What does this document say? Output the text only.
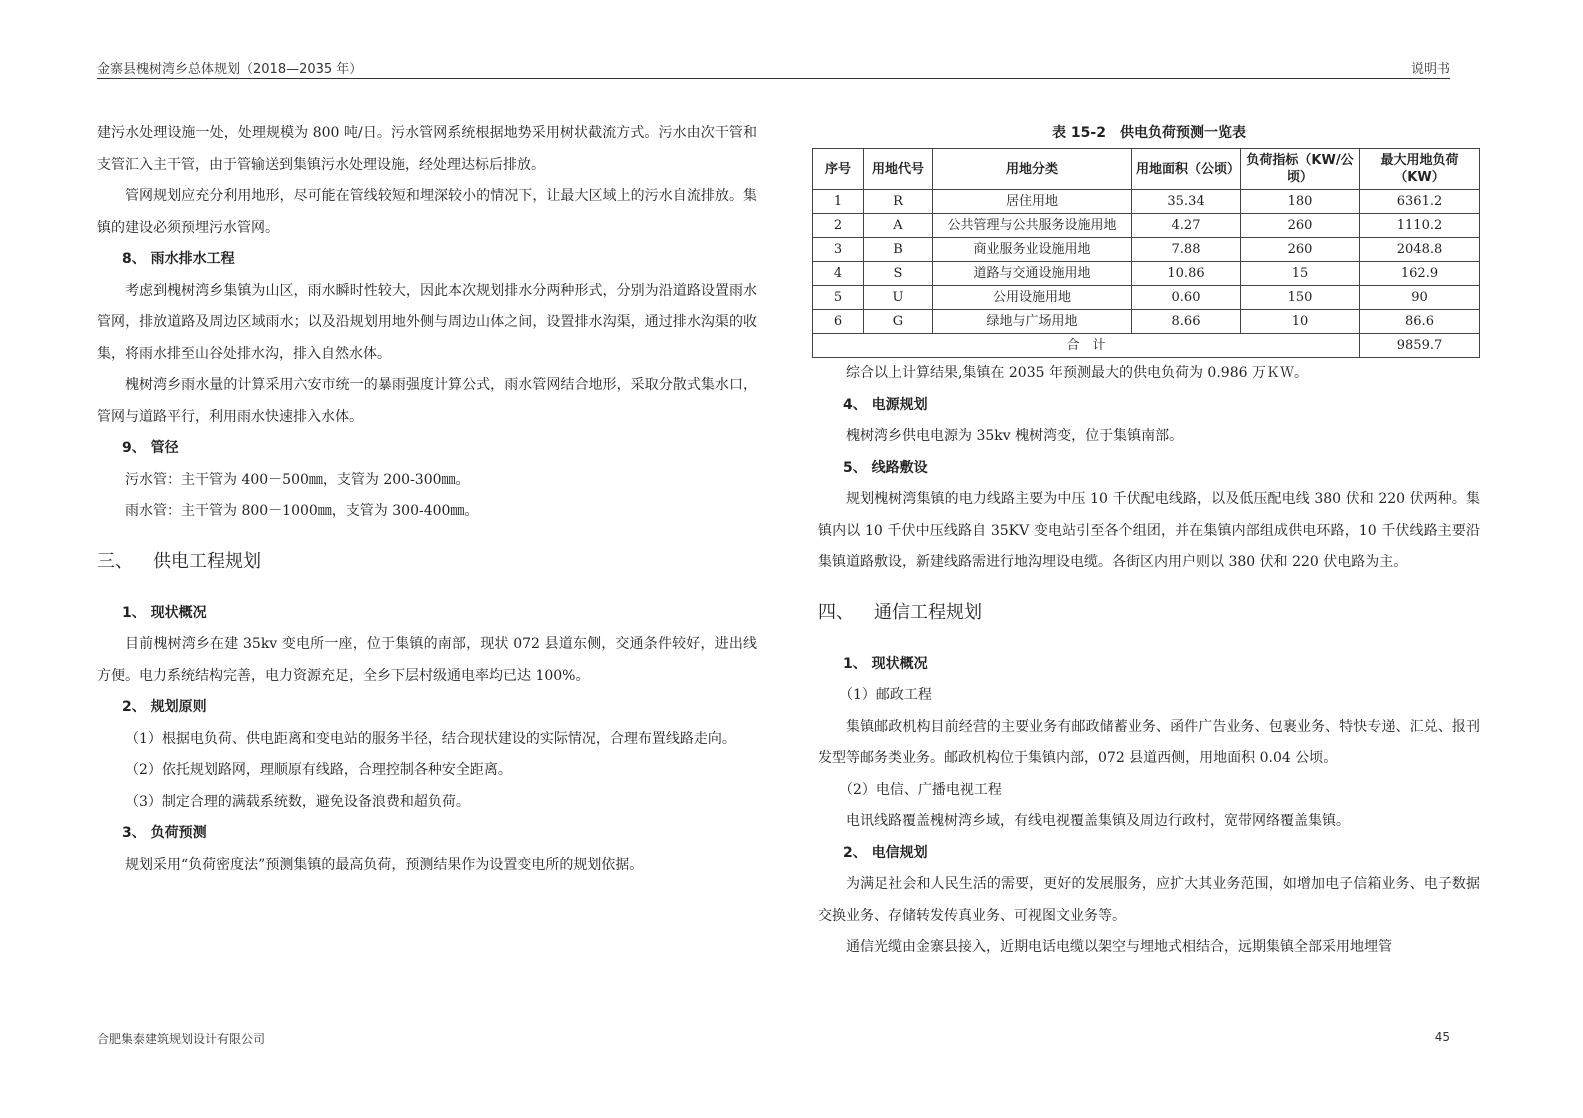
金寨县槐树湾乡总体规划（2018—2035 年）	说明书

建污水处理设施一处，处理规模为 800 吨/日。污水管网系统根据地势采用树状截流方式。污水由次干管和支管汇入主干管，由于管输送到集镇污水处理设施，经处理达标后排放。

管网规划应充分利用地形，尽可能在管线较短和埋深较小的情况下，让最大区域上的污水自流排放。集镇的建设必须预埋污水管网。

8、 雨水排水工程

考虑到槐树湾乡集镇为山区，雨水瞬时性较大，因此本次规划排水分两种形式，分别为沿道路设置雨水管网，排放道路及周边区域雨水；以及沿规划用地外侧与周边山体之间，设置排水沟渠，通过排水沟渠的收集，将雨水排至山谷处排水沟，排入自然水体。

槐树湾乡雨水量的计算采用六安市统一的暴雨强度计算公式，雨水管网结合地形，采取分散式集水口，管网与道路平行，利用雨水快速排入水体。

9、 管径

污水管：主干管为 400－500㎜，支管为 200-300㎜。

雨水管：主干管为 800－1000㎜，支管为 300-400㎜。

三、 供电工程规划

1、 现状概况

目前槐树湾乡在建 35kv 变电所一座，位于集镇的南部，现状 072 县道东侧，交通条件较好，进出线方便。电力系统结构完善，电力资源充足，全乡下层村级通电率均已达 100%。

2、 规划原则

（1）根据电负荷、供电距离和变电站的服务半径，结合现状建设的实际情况，合理布置线路走向。

（2）依托规划路网，理顺原有线路，合理控制各种安全距离。

（3）制定合理的满载系统数，避免设备浪费和超负荷。

3、 负荷预测

规划采用“负荷密度法”预测集镇的最高负荷，预测结果作为设置变电所的规划依据。

表 15-2　供电负荷预测一览表
序号	用地代号	用地分类	用地面积（公顷）	负荷指标（KW/公顷）	最大用地负荷（KW）
1	R	居住用地	35.34	180	6361.2
2	A	公共管理与公共服务设施用地	4.27	260	1110.2
3	B	商业服务业设施用地	7.88	260	2048.8
4	S	道路与交通设施用地	10.86	15	162.9
5	U	公用设施用地	0.60	150	90
6	G	绿地与广场用地	8.66	10	86.6
合　计					9859.7

综合以上计算结果,集镇在 2035 年预测最大的供电负荷为 0.986 万ＫＷ。

4、 电源规划

槐树湾乡供电电源为 35kv 槐树湾变，位于集镇南部。

5、 线路敷设

规划槐树湾集镇的电力线路主要为中压 10 千伏配电线路，以及低压配电线 380 伏和 220 伏两种。集镇内以 10 千伏中压线路自 35KV 变电站引至各个组团，并在集镇内部组成供电环路，10 千伏线路主要沿集镇道路敷设，新建线路需进行地沟埋设电缆。各街区内用户则以 380 伏和 220 伏电路为主。

四、 通信工程规划

1、 现状概况

（1）邮政工程

集镇邮政机构目前经营的主要业务有邮政储蓄业务、函件广告业务、包裹业务、特快专递、汇兑、报刊发型等邮务类业务。邮政机构位于集镇内部，072 县道西侧，用地面积 0.04 公顷。

（2）电信、广播电视工程

电讯线路覆盖槐树湾乡域，有线电视覆盖集镇及周边行政村，宽带网络覆盖集镇。

2、 电信规划

为满足社会和人民生活的需要，更好的发展服务，应扩大其业务范围，如增加电子信箱业务、电子数据交换业务、存储转发传真业务、可视图文业务等。

通信光缆由金寨县接入，近期电话电缆以架空与埋地式相结合，远期集镇全部采用地埋管

合肥集泰建筑规划设计有限公司	45
